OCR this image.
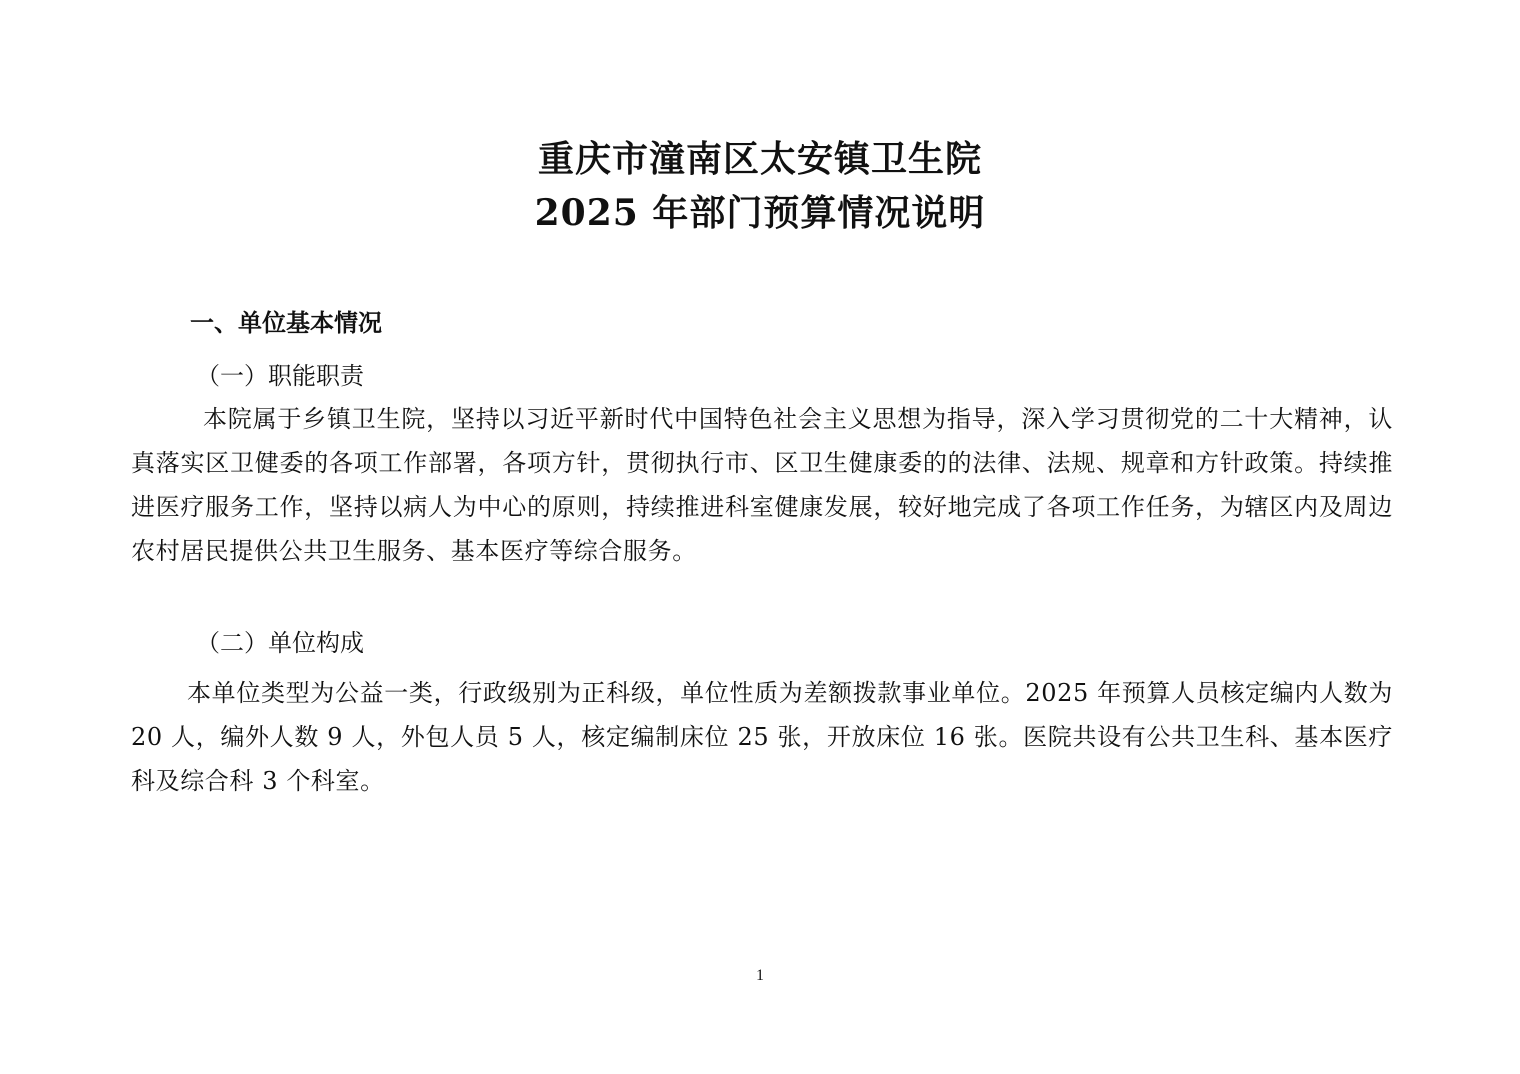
重庆市潼南区太安镇卫生院
2025 年部门预算情况说明
一、单位基本情况
（一）职能职责

本院属于乡镇卫生院，坚持以习近平新时代中国特色社会主义思想为指导，深入学习贯彻党的二十大精神，认真落实区卫健委的各项工作部署，各项方针，贯彻执行市、区卫生健康委的的法律、法规、规章和方针政策。持续推进医疗服务工作，坚持以病人为中心的原则，持续推进科室健康发展，较好地完成了各项工作任务，为辖区内及周边农村居民提供公共卫生服务、基本医疗等综合服务。

（二）单位构成

本单位类型为公益一类，行政级别为正科级，单位性质为差额拨款事业单位。2025 年预算人员核定编内人数为 20 人，编外人数 9 人，外包人员 5 人，核定编制床位 25 张，开放床位 16 张。医院共设有公共卫生科、基本医疗科及综合科 3 个科室。

1
